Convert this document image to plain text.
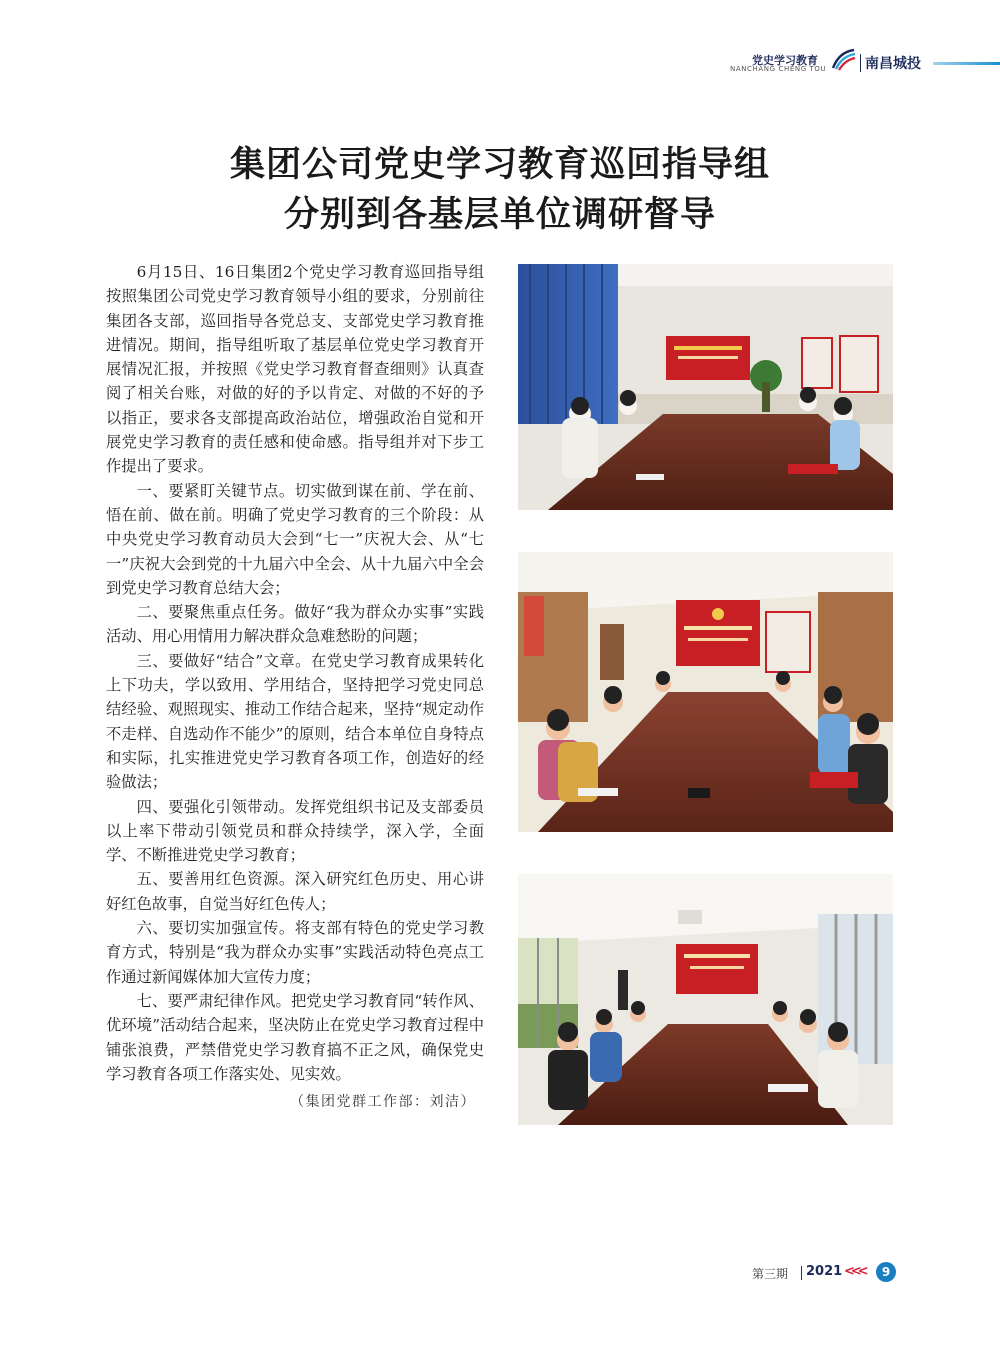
党史学习教育
NANCHANG CHENG TOU	南昌城投
集团公司党史学习教育巡回指导组
分别到各基层单位调研督导

6月15日、16日集团2个党史学习教育巡回指导组按照集团公司党史学习教育领导小组的要求，分别前往集团各支部，巡回指导各党总支、支部党史学习教育推进情况。期间，指导组听取了基层单位党史学习教育开展情况汇报，并按照《党史学习教育督查细则》认真查阅了相关台账，对做的好的予以肯定、对做的不好的予以指正，要求各支部提高政治站位，增强政治自觉和开展党史学习教育的责任感和使命感。指导组并对下步工作提出了要求。

一、要紧盯关键节点。切实做到谋在前、学在前、悟在前、做在前。明确了党史学习教育的三个阶段：从中央党史学习教育动员大会到“七一”庆祝大会、从“七一”庆祝大会到党的十九届六中全会、从十九届六中全会到党史学习教育总结大会；

二、要聚焦重点任务。做好“我为群众办实事”实践活动、用心用情用力解决群众急难愁盼的问题；

三、要做好“结合”文章。在党史学习教育成果转化上下功夫，学以致用、学用结合，坚持把学习党史同总结经验、观照现实、推动工作结合起来，坚持“规定动作不走样、自选动作不能少”的原则，结合本单位自身特点和实际，扎实推进党史学习教育各项工作，创造好的经验做法；

四、要强化引领带动。发挥党组织书记及支部委员以上率下带动引领党员和群众持续学，深入学，全面学、不断推进党史学习教育；

五、要善用红色资源。深入研究红色历史、用心讲好红色故事，自觉当好红色传人；

六、要切实加强宣传。将支部有特色的党史学习教育方式，特别是“我为群众办实事”实践活动特色亮点工作通过新闻媒体加大宣传力度；

七、要严肃纪律作风。把党史学习教育同“转作风、优环境”活动结合起来，坚决防止在党史学习教育过程中铺张浪费，严禁借党史学习教育搞不正之风，确保党史学习教育各项工作落实处、见实效。

（集团党群工作部：刘洁）

第三期 2021 <<<	9
